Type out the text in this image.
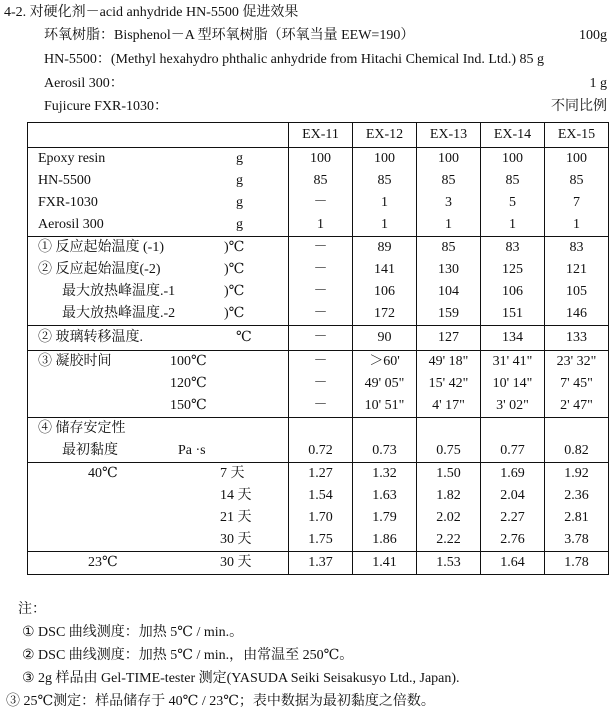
4-2. 对硬化剂－acid anhydride HN-5500 促进效果
环氧树脂：Bisphenol－A 型环氧树脂（环氧当量 EEW=190）	100g
HN-5500：(Methyl hexahydro phthalic anhydride from Hitachi Chemical Ind. Ltd.) 85 g
Aerosil 300：	1 g
Fujicure FXR-1030：	不同比例
	EX-11	EX-12	EX-13	EX-14	EX-15

Epoxy resin g	100	100	100	100	100

HN-5500 g	85	85	85	85	85

FXR-1030 g	－	1	3	5	7

Aerosil 300 g	1	1	1	1	1

① 反应起始温度 (-1) )℃	－	89	85	83	83

② 反应起始温度(-2) )℃	－	141	130	125	121

最大放热峰温度.-1 )℃	－	106	104	106	105

最大放热峰温度.-2 )℃	－	172	159	151	146

② 玻璃转移温度. ℃	－	90	127	134	133

③ 凝胶时间 100℃	－	＞60'	49' 18"	31' 41"	23' 32"

120℃	－	49' 05"	15' 42"	10' 14"	7' 45"

150℃	－	10' 51"	4' 17"	3' 02"	2' 47"

④ 储存安定性					

最初黏度 Pa ·s	0.72	0.73	0.75	0.77	0.82

40℃ 7 天	1.27	1.32	1.50	1.69	1.92

14 天	1.54	1.63	1.82	2.04	2.36

21 天	1.70	1.79	2.02	2.27	2.81

30 天	1.75	1.86	2.22	2.76	3.78

23℃ 30 天	1.37	1.41	1.53	1.64	1.78
注：
① DSC 曲线测度：加热 5℃ / min.。
② DSC 曲线测度：加热 5℃ / min.，由常温至 250℃。
③ 2g 样品由 Gel-TIME-tester 测定(YASUDA Seiki Seisakusyo Ltd., Japan).
③ 25℃测定：样品储存于 40℃ / 23℃；表中数据为最初黏度之倍数。
